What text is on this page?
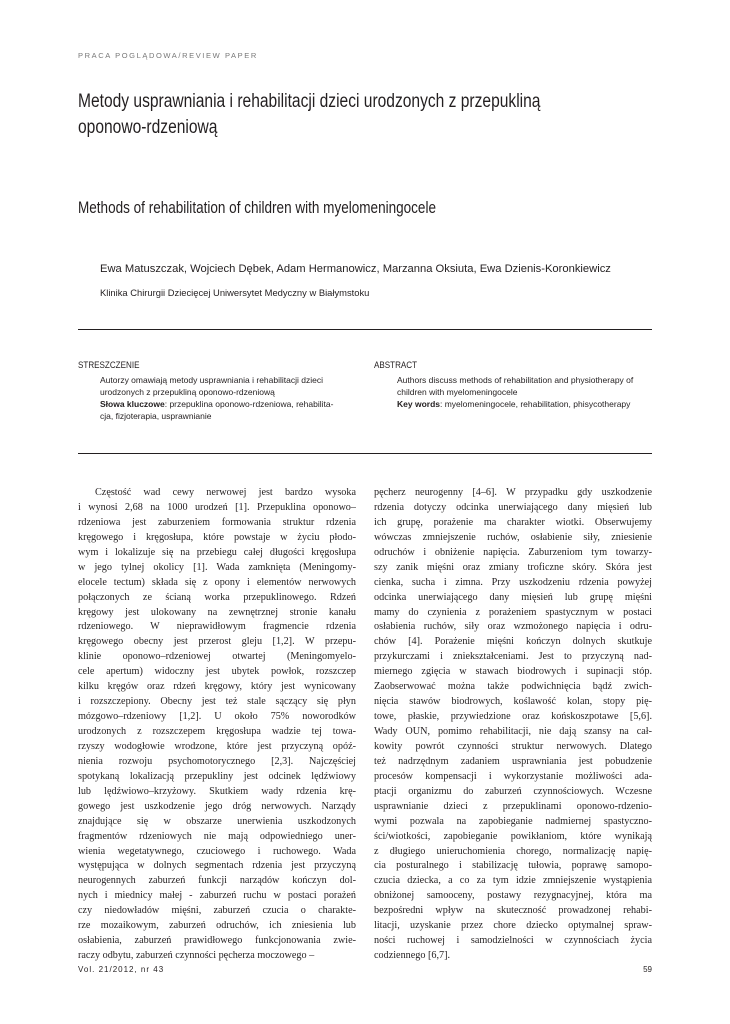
PRACA POGLĄDOWA/REVIEW PAPER
Metody usprawniania i rehabilitacji dzieci urodzonych z przepukliną
oponowo-rdzeniową
Methods of rehabilitation of children with myelomeningocele
Ewa Matuszczak, Wojciech Dębek, Adam Hermanowicz, Marzanna Oksiuta, Ewa Dzienis-Koronkiewicz
Klinika Chirurgii Dziecięcej Uniwersytet Medyczny w Białymstoku
STRESZCZENIE
Autorzy omawiają metody usprawniania i rehabilitacji dzieci
urodzonych z przepukliną oponowo-rdzeniową
Słowa kluczowe: przepuklina oponowo-rdzeniowa, rehabilita-
cja, fizjoterapia, usprawnianie
ABSTRACT
Authors discuss methods of rehabilitation and physiotherapy of
children with myelomeningocele
Key words: myelomeningocele, rehabilitation, phisycotherapy
Częstość wad cewy nerwowej jest bardzo wysoka
i wynosi 2,68 na 1000 urodzeń [1]. Przepuklina oponowo–
rdzeniowa jest zaburzeniem formowania struktur rdzenia
kręgowego i kręgosłupa, które powstaje w życiu płodo-
wym i lokalizuje się na przebiegu całej długości kręgosłupa
w jego tylnej okolicy [1]. Wada zamknięta (Meningomy-
elocele tectum) składa się z opony i elementów nerwowych
połączonych ze ścianą worka przepuklinowego. Rdzeń
kręgowy jest ulokowany na zewnętrznej stronie kanału
rdzeniowego. W nieprawidłowym fragmencie rdzenia
kręgowego obecny jest przerost gleju [1,2]. W przepu-
klinie oponowo–rdzeniowej otwartej (Meningomyelo-
cele apertum) widoczny jest ubytek powłok, rozszczep
kilku kręgów oraz rdzeń kręgowy, który jest wynicowany
i rozszczepiony. Obecny jest też stale sączący się płyn
mózgowo–rdzeniowy [1,2]. U około 75% noworodków
urodzonych z rozszczepem kręgosłupa wadzie tej towa-
rzyszy wodogłowie wrodzone, które jest przyczyną opóź-
nienia rozwoju psychomotorycznego [2,3]. Najczęściej
spotykaną lokalizacją przepukliny jest odcinek lędźwiowy
lub lędźwiowo–krzyżowy. Skutkiem wady rdzenia krę-
gowego jest uszkodzenie jego dróg nerwowych. Narządy
znajdujące się w obszarze unerwienia uszkodzonych
fragmentów rdzeniowych nie mają odpowiedniego uner-
wienia wegetatywnego, czuciowego i ruchowego. Wada
występująca w dolnych segmentach rdzenia jest przyczyną
neurogennych zaburzeń funkcji narządów kończyn dol-
nych i miednicy małej - zaburzeń ruchu w postaci porażeń
czy niedowładów mięśni, zaburzeń czucia o charakte-
rze mozaikowym, zaburzeń odruchów, ich zniesienia lub
osłabienia, zaburzeń prawidłowego funkcjonowania zwie-
raczy odbytu, zaburzeń czynności pęcherza moczowego –
pęcherz neurogenny [4–6]. W przypadku gdy uszkodzenie
rdzenia dotyczy odcinka unerwiającego dany mięsień lub
ich grupę, porażenie ma charakter wiotki. Obserwujemy
wówczas zmniejszenie ruchów, osłabienie siły, zniesienie
odruchów i obniżenie napięcia. Zaburzeniom tym towarzy-
szy zanik mięśni oraz zmiany troficzne skóry. Skóra jest
cienka, sucha i zimna. Przy uszkodzeniu rdzenia powyżej
odcinka unerwiającego dany mięsień lub grupę mięśni
mamy do czynienia z porażeniem spastycznym w postaci
osłabienia ruchów, siły oraz wzmożonego napięcia i odru-
chów [4]. Porażenie mięśni kończyn dolnych skutkuje
przykurczami i zniekształceniami. Jest to przyczyną nad-
miernego zgięcia w stawach biodrowych i supinacji stóp.
Zaobserwować można także podwichnięcia bądź zwich-
nięcia stawów biodrowych, koślawość kolan, stopy pię-
towe, płaskie, przywiedzione oraz końskoszpotawe [5,6].
Wady OUN, pomimo rehabilitacji, nie dają szansy na cał-
kowity powrót czynności struktur nerwowych. Dlatego
też nadrzędnym zadaniem usprawniania jest pobudzenie
procesów kompensacji i wykorzystanie możliwości ada-
ptacji organizmu do zaburzeń czynnościowych. Wczesne
usprawnianie dzieci z przepuklinami oponowo-rdzenio-
wymi pozwala na zapobieganie nadmiernej spastyczno-
ści/wiotkości, zapobieganie powikłaniom, które wynikają
z długiego unieruchomienia chorego, normalizację napię-
cia posturalnego i stabilizację tułowia, poprawę samopo-
czucia dziecka, a co za tym idzie zmniejszenie wystąpienia
obniżonej samooceny, postawy rezygnacyjnej, która ma
bezpośredni wpływ na skuteczność prowadzonej rehabi-
litacji, uzyskanie przez chore dziecko optymalnej spraw-
ności ruchowej i samodzielności w czynnościach życia
codziennego [6,7].
Vol. 21/2012, nr 43	59
